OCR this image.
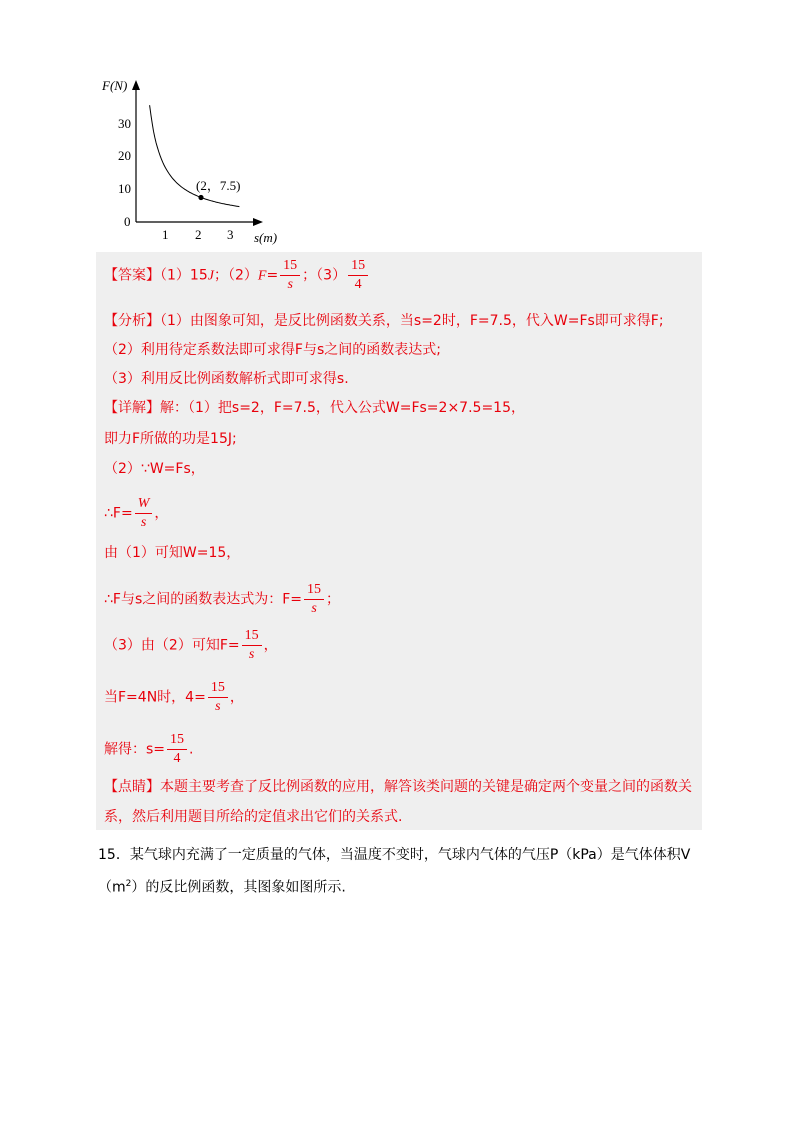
F(N)
s(m)
30
20
10
0
1 2 3
(2，7.5)
【答案】（1）15J；$(2)F= \frac{15}{s}$ ；$(3) \frac{15}{4}$
【分析】（1）由图象可知，是反比例函数关系，当s=2时，F=7.5，代入W=Fs即可求得F;
（2）利用待定系数法即可求得F与s之间的函数表达式;
（3）利用反比例函数解析式即可求得s.
【详解】解：（1）把s=2，F=7.5，代入公式W=Fs=2×7.5=15，
即力F所做的功是15J;
（2）∵W=Fs，
∴F= $\frac{W}{s}$ ，
由（1）可知W=15，
∴F与s之间的函数表达式为：$F= \frac{15}{s}$ ；
（3）由（2）可知$F= \frac{15}{s}$ ，
当F=4N时，$4= \frac{15}{s}$ ，
解得：$s= \frac{15}{4}$ .
【点睛】本题主要考查了反比例函数的应用，解答该类问题的关键是确定两个变量之间的函数关
系，然后利用题目所给的定值求出它们的关系式.
15．某气球内充满了一定质量的气体，当温度不变时，气球内气体的气压P（kPa）是气体体积V
$(m^2)$的反比例函数，其图象如图所示.
